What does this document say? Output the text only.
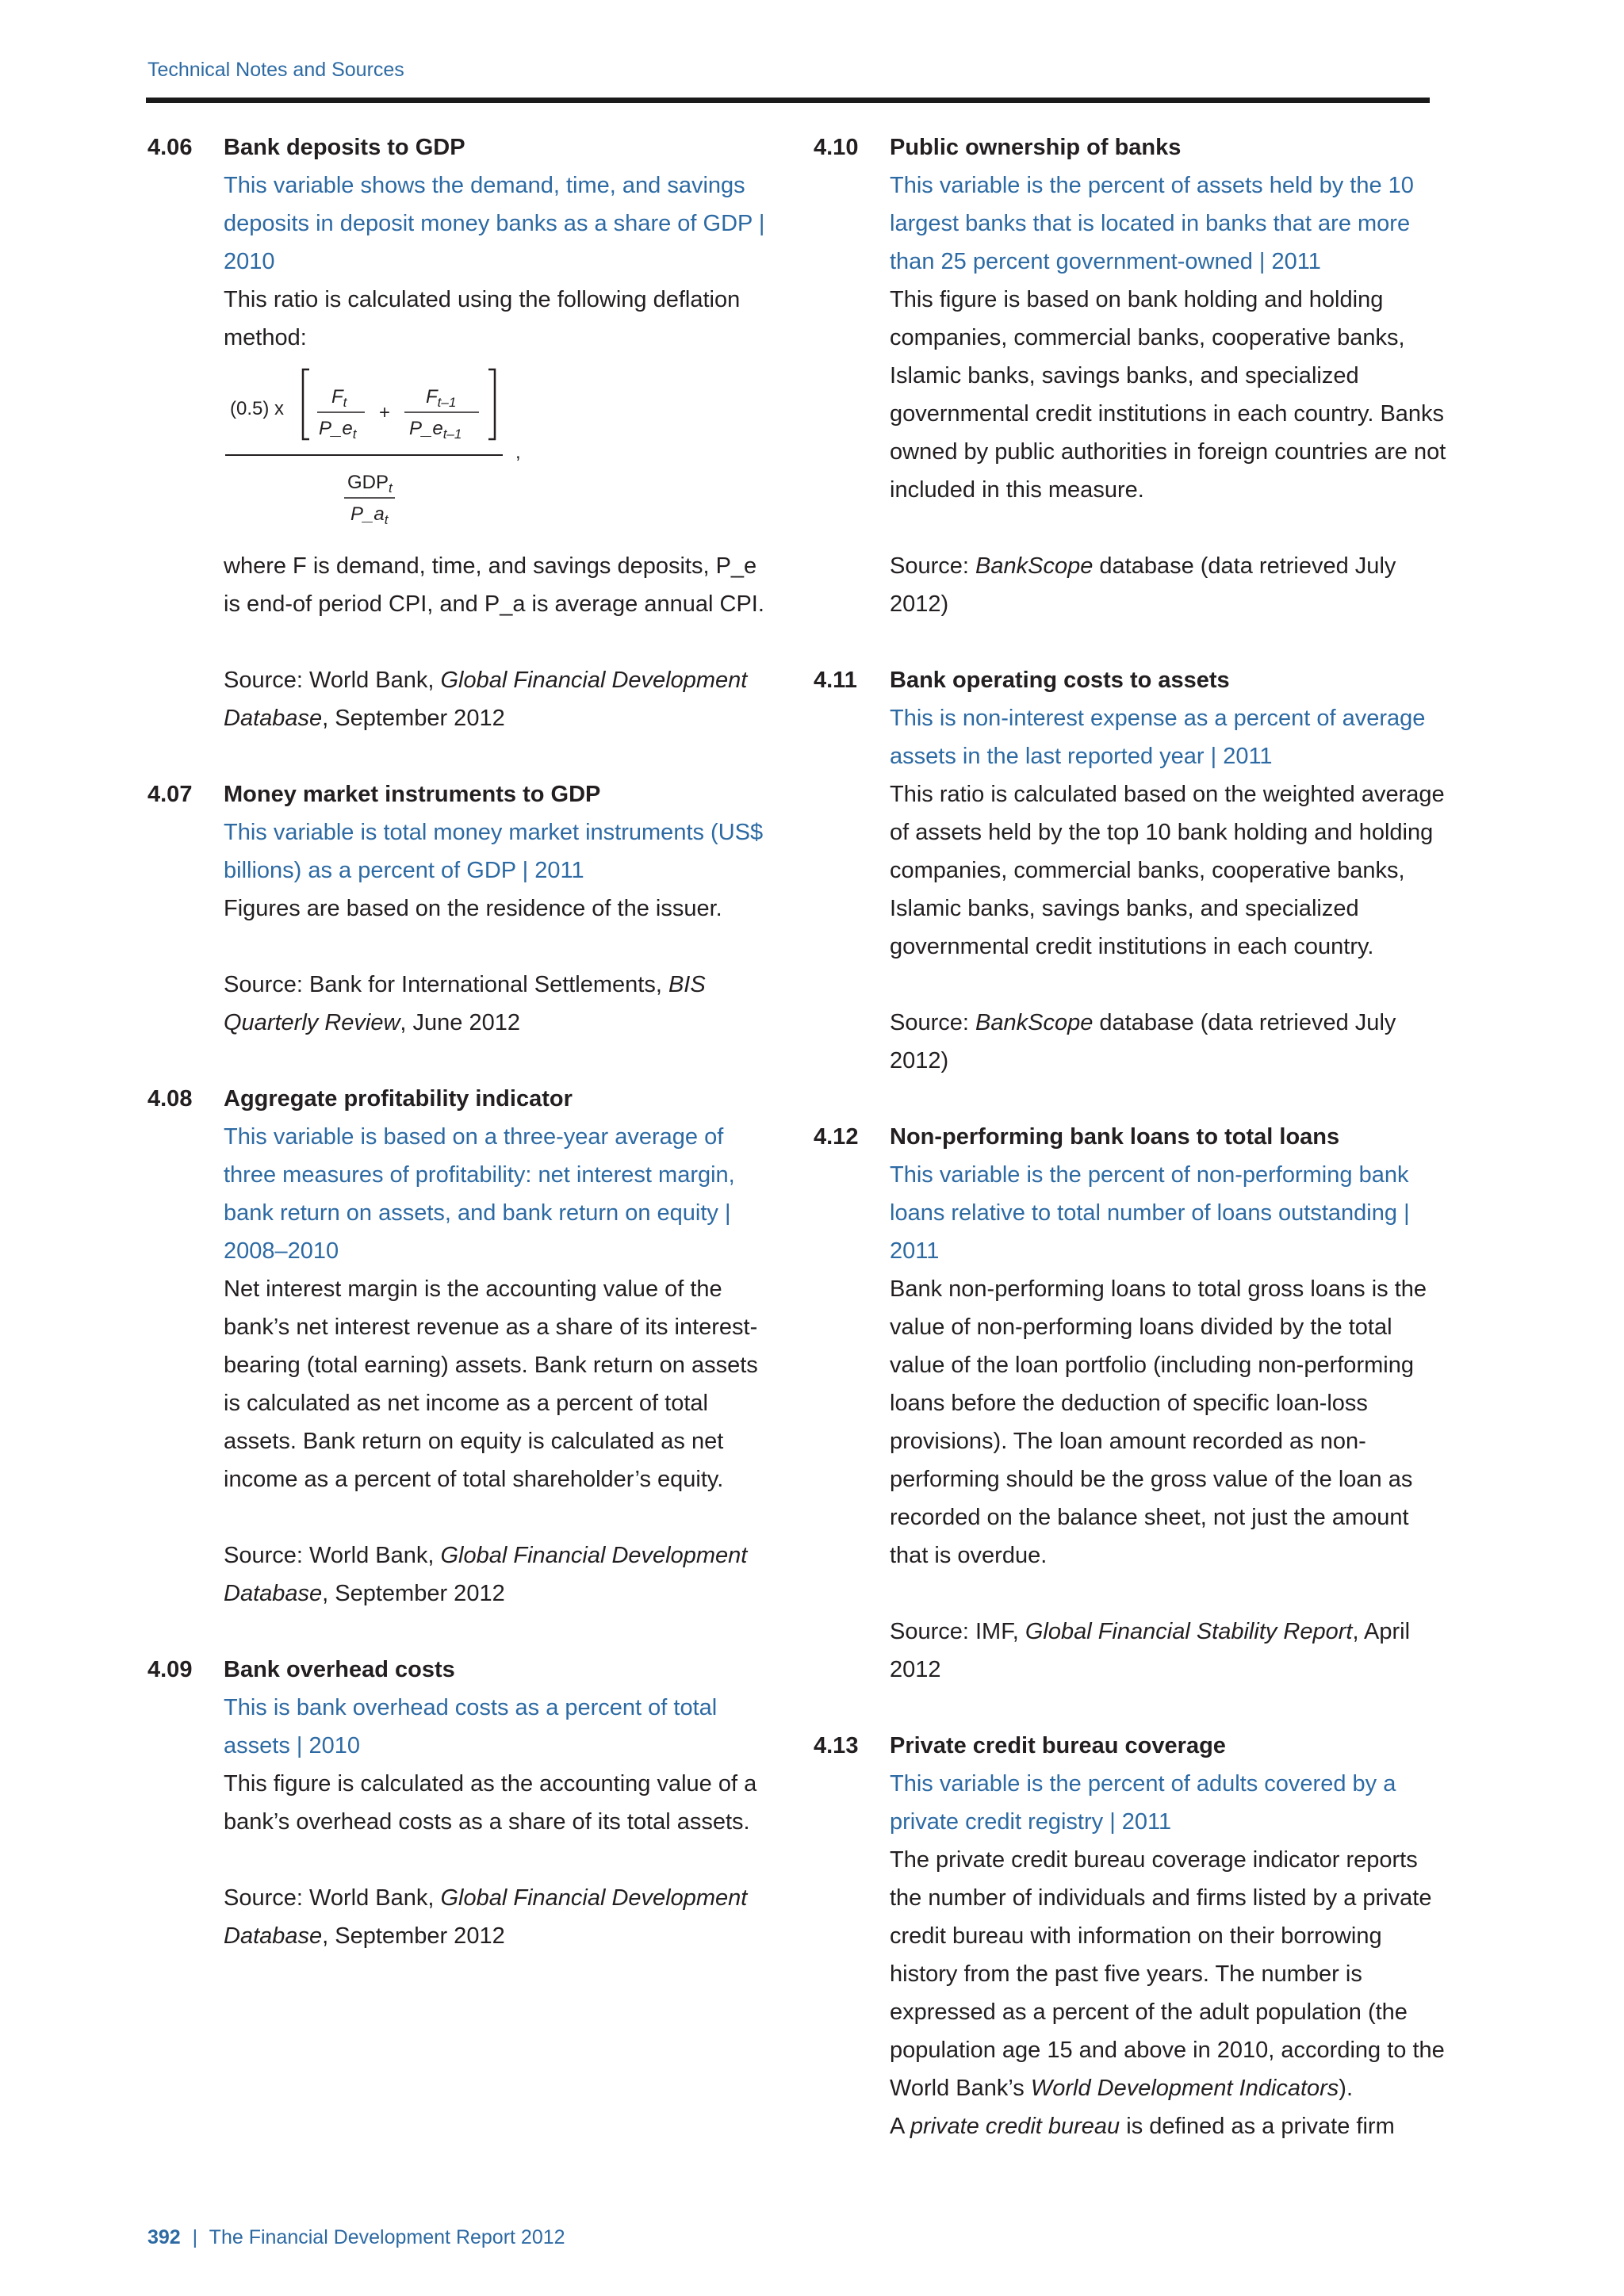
Technical Notes and Sources
4.06 Bank deposits to GDP
This variable shows the demand, time, and savings deposits in deposit money banks as a share of GDP | 2010
This ratio is calculated using the following deflation method:
(0.5) x
$F_t$
$P\_e_t$
+
$F_{t-1}$
$P\_e_{t-1}$
,
$GDP_t$
$P\_a_t$
where F is demand, time, and savings deposits, P_e is end-of period CPI, and P_a is average annual CPI.
Source: World Bank, Global Financial Development Database, September 2012
4.07 Money market instruments to GDP
This variable is total money market instruments (US$ billions) as a percent of GDP | 2011
Figures are based on the residence of the issuer.
Source: Bank for International Settlements, BIS Quarterly Review, June 2012
4.08 Aggregate profitability indicator
This variable is based on a three-year average of three measures of profitability: net interest margin, bank return on assets, and bank return on equity | 2008–2010
Net interest margin is the accounting value of the bank’s net interest revenue as a share of its interest-bearing (total earning) assets. Bank return on assets is calculated as net income as a percent of total assets. Bank return on equity is calculated as net income as a percent of total shareholder’s equity.
Source: World Bank, Global Financial Development Database, September 2012
4.09 Bank overhead costs
This is bank overhead costs as a percent of total assets | 2010
This figure is calculated as the accounting value of a bank’s overhead costs as a share of its total assets.
Source: World Bank, Global Financial Development Database, September 2012
4.10 Public ownership of banks
This variable is the percent of assets held by the 10 largest banks that is located in banks that are more than 25 percent government-owned | 2011
This figure is based on bank holding and holding companies, commercial banks, cooperative banks, Islamic banks, savings banks, and specialized governmental credit institutions in each country. Banks owned by public authorities in foreign countries are not included in this measure.
Source: BankScope database (data retrieved July 2012)
4.11 Bank operating costs to assets
This is non-interest expense as a percent of average assets in the last reported year | 2011
This ratio is calculated based on the weighted average of assets held by the top 10 bank holding and holding companies, commercial banks, cooperative banks, Islamic banks, savings banks, and specialized governmental credit institutions in each country.
Source: BankScope database (data retrieved July 2012)
4.12 Non-performing bank loans to total loans
This variable is the percent of non-performing bank loans relative to total number of loans outstanding | 2011
Bank non-performing loans to total gross loans is the value of non-performing loans divided by the total value of the loan portfolio (including non-performing loans before the deduction of specific loan-loss provisions). The loan amount recorded as non-performing should be the gross value of the loan as recorded on the balance sheet, not just the amount that is overdue.
Source: IMF, Global Financial Stability Report, April 2012
4.13 Private credit bureau coverage
This variable is the percent of adults covered by a private credit registry | 2011
The private credit bureau coverage indicator reports the number of individuals and firms listed by a private credit bureau with information on their borrowing history from the past five years. The number is expressed as a percent of the adult population (the population age 15 and above in 2010, according to the World Bank’s World Development Indicators).
A private credit bureau is defined as a private firm
392 | The Financial Development Report 2012
